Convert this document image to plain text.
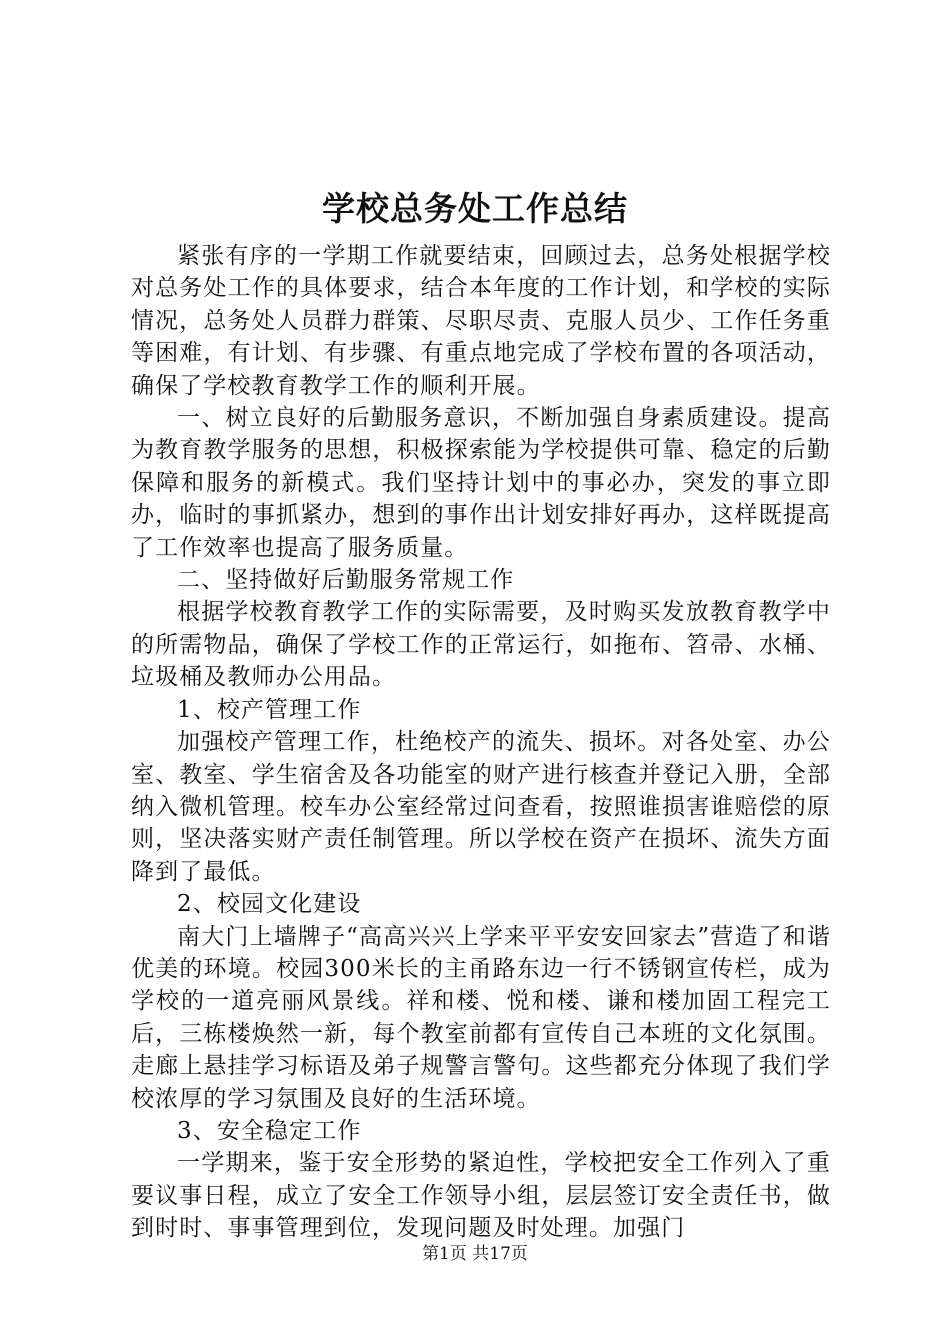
学校总务处工作总结

紧张有序的一学期工作就要结束，回顾过去，总务处根据学校对总务处工作的具体要求，结合本年度的工作计划，和学校的实际情况，总务处人员群力群策、尽职尽责、克服人员少、工作任务重等困难，有计划、有步骤、有重点地完成了学校布置的各项活动，确保了学校教育教学工作的顺利开展。

一、树立良好的后勤服务意识，不断加强自身素质建设。提高为教育教学服务的思想，积极探索能为学校提供可靠、稳定的后勤保障和服务的新模式。我们坚持计划中的事必办，突发的事立即办，临时的事抓紧办，想到的事作出计划安排好再办，这样既提高了工作效率也提高了服务质量。

二、坚持做好后勤服务常规工作

根据学校教育教学工作的实际需要，及时购买发放教育教学中的所需物品，确保了学校工作的正常运行，如拖布、笤帚、水桶、垃圾桶及教师办公用品。

1、校产管理工作

加强校产管理工作，杜绝校产的流失、损坏。对各处室、办公室、教室、学生宿舍及各功能室的财产进行核查并登记入册，全部纳入微机管理。校车办公室经常过问查看，按照谁损害谁赔偿的原则，坚决落实财产责任制管理。所以学校在资产在损坏、流失方面降到了最低。

2、校园文化建设

南大门上墙牌子“高高兴兴上学来平平安安回家去”营造了和谐优美的环境。校园300米长的主甬路东边一行不锈钢宣传栏，成为学校的一道亮丽风景线。祥和楼、悦和楼、谦和楼加固工程完工后，三栋楼焕然一新，每个教室前都有宣传自己本班的文化氛围。走廊上悬挂学习标语及弟子规警言警句。这些都充分体现了我们学校浓厚的学习氛围及良好的生活环境。

3、安全稳定工作

一学期来，鉴于安全形势的紧迫性，学校把安全工作列入了重要议事日程，成立了安全工作领导小组，层层签订安全责任书，做到时时、事事管理到位，发现问题及时处理。加强门

第1页 共17页
